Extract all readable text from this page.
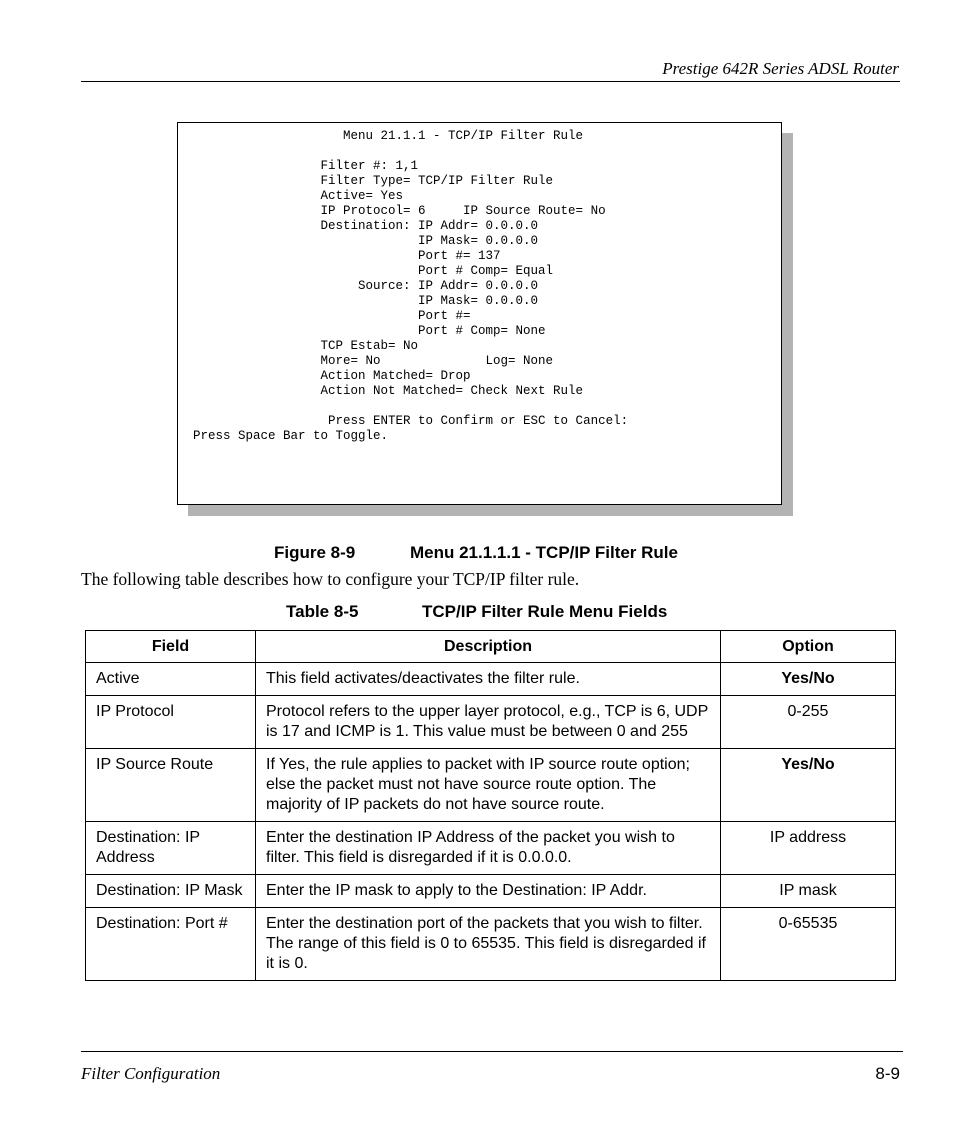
Prestige 642R Series ADSL Router
Menu 21.1.1 - TCP/IP Filter Rule
Filter #: 1,1
Filter Type= TCP/IP Filter Rule
Active= Yes
IP Protocol= 6     IP Source Route= No
Destination: IP Addr= 0.0.0.0
IP Mask= 0.0.0.0
Port #= 137
Port # Comp= Equal
Source: IP Addr= 0.0.0.0
IP Mask= 0.0.0.0
Port #=
Port # Comp= None
TCP Estab= No
More= No              Log= None
Action Matched= Drop
Action Not Matched= Check Next Rule
Press ENTER to Confirm or ESC to Cancel:
Press Space Bar to Toggle.
Figure 8-9	Menu 21.1.1.1 - TCP/IP Filter Rule
The following table describes how to configure your TCP/IP filter rule.
Table 8-5	TCP/IP Filter Rule Menu Fields
Field	Description	Option
Active	This field activates/deactivates the filter rule.	Yes/No
IP Protocol	Protocol refers to the upper layer protocol, e.g., TCP is 6, UDP is 17 and ICMP is 1. This value must be between 0 and 255	0-255
IP Source Route	If Yes, the rule applies to packet with IP source route option; else the packet must not have source route option. The majority of IP packets do not have source route.	Yes/No
Destination: IP Address	Enter the destination IP Address of the packet you wish to filter. This field is disregarded if it is 0.0.0.0.	IP address
Destination: IP Mask	Enter the IP mask to apply to the Destination: IP Addr.	IP mask
Destination: Port #	Enter the destination port of the packets that you wish to filter. The range of this field is 0 to 65535. This field is disregarded if it is 0.	0-65535
Filter Configuration	8-9
